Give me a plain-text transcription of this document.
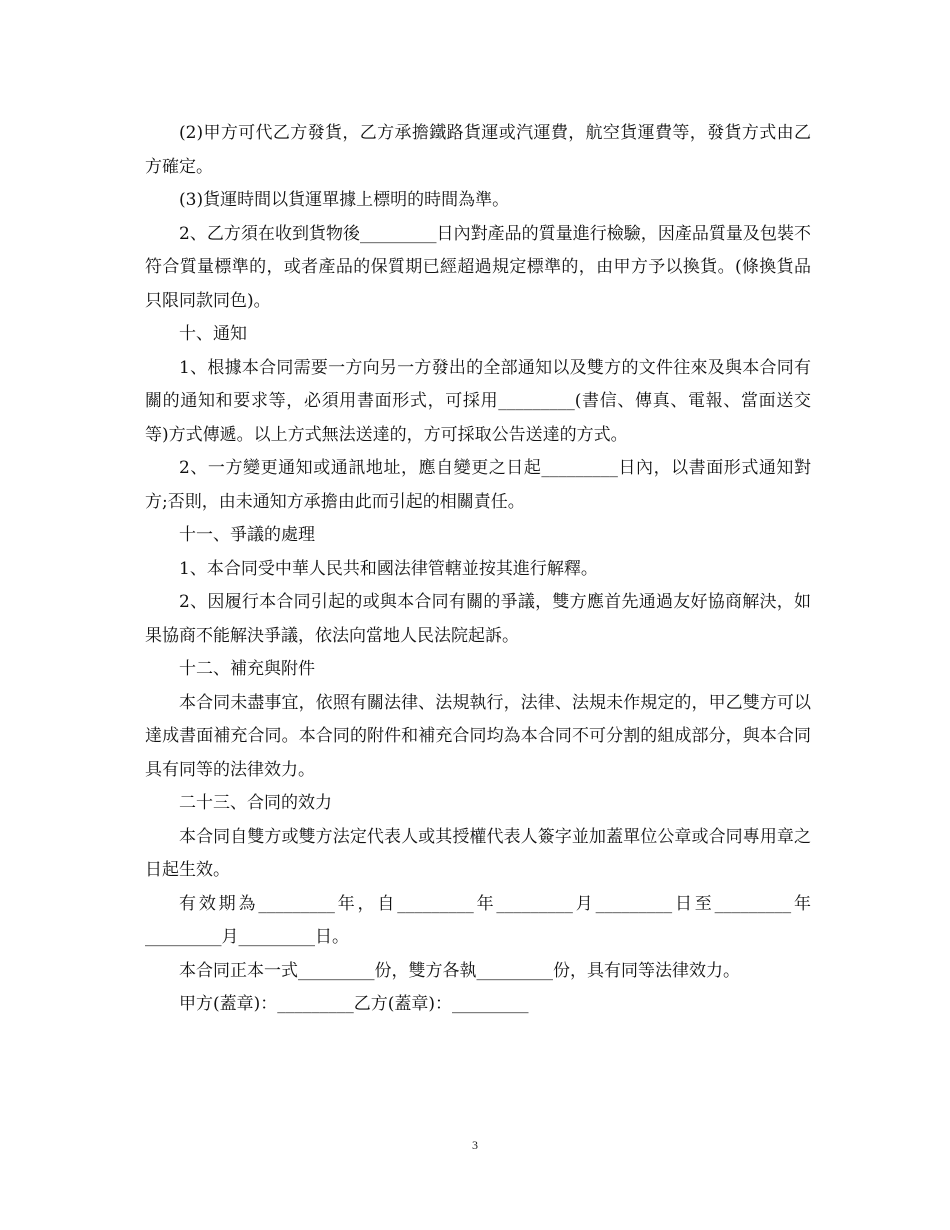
(2)甲方可代乙方發貨，乙方承擔鐵路貨運或汽運費，航空貨運費等，發貨方式由乙方確定。

(3)貨運時間以貨運單據上標明的時間為準。

2、乙方須在收到貨物後_________日內對產品的質量進行檢驗，因產品質量及包裝不符合質量標準的，或者產品的保質期已經超過規定標準的，由甲方予以換貨。(條換貨品只限同款同色)。

十、通知

1、根據本合同需要一方向另一方發出的全部通知以及雙方的文件往來及與本合同有關的通知和要求等，必須用書面形式，可採用_________(書信、傳真、電報、當面送交等)方式傳遞。以上方式無法送達的，方可採取公告送達的方式。

2、一方變更通知或通訊地址，應自變更之日起_________日內，以書面形式通知對方;否則，由未通知方承擔由此而引起的相關責任。

十一、爭議的處理

1、本合同受中華人民共和國法律管轄並按其進行解釋。

2、因履行本合同引起的或與本合同有關的爭議，雙方應首先通過友好協商解決，如果協商不能解決爭議，依法向當地人民法院起訴。

十二、補充與附件

本合同未盡事宜，依照有關法律、法規執行，法律、法規未作規定的，甲乙雙方可以達成書面補充合同。本合同的附件和補充合同均為本合同不可分割的組成部分，與本合同具有同等的法律效力。

二十三、合同的效力

本合同自雙方或雙方法定代表人或其授權代表人簽字並加蓋單位公章或合同專用章之日起生效。

有效期為_________年，自_________年_________月_________日至_________年_________月_________日。

本合同正本一式_________份，雙方各執_________份，具有同等法律效力。

甲方(蓋章)：_________乙方(蓋章)：_________

3
